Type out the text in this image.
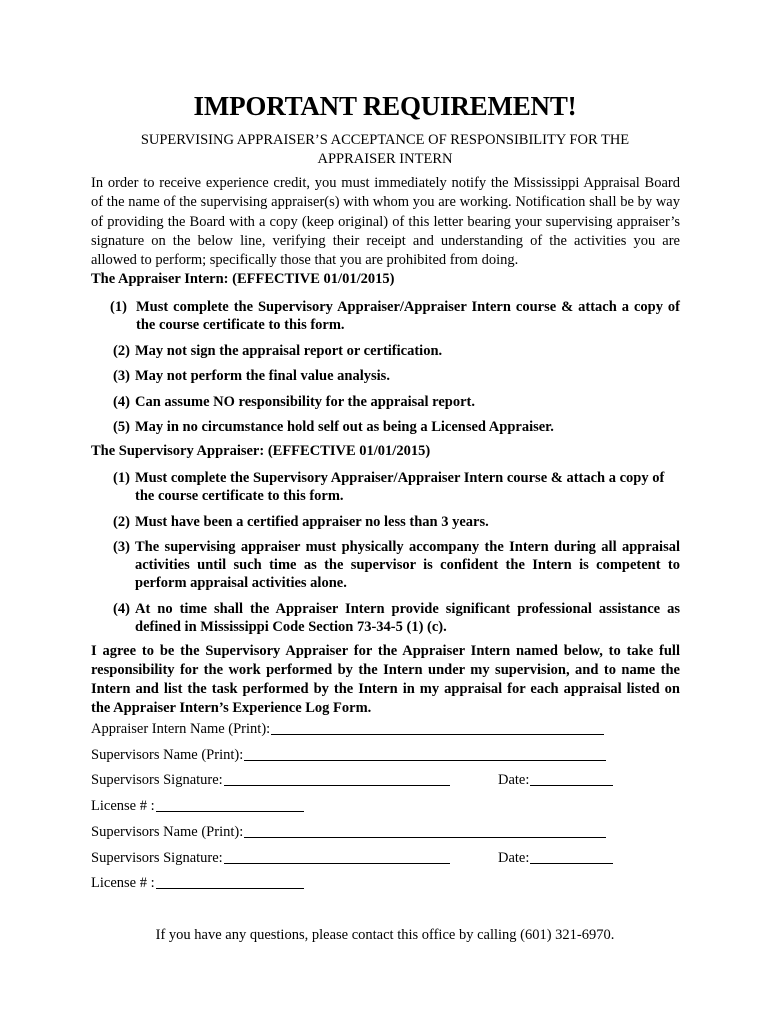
IMPORTANT REQUIREMENT!
SUPERVISING APPRAISER’S ACCEPTANCE OF RESPONSIBILITY FOR THE
APPRAISER INTERN
In order to receive experience credit, you must immediately notify the Mississippi Appraisal Board of the name of the supervising appraiser(s) with whom you are working. Notification shall be by way of providing the Board with a copy (keep original) of this letter bearing your supervising appraiser’s signature on the below line, verifying their receipt and understanding of the activities you are allowed to perform; specifically those that you are prohibited from doing.
The Appraiser Intern: (EFFECTIVE 01/01/2015)
(1) Must complete the Supervisory Appraiser/Appraiser Intern course & attach a copy of the course certificate to this form.
(2) May not sign the appraisal report or certification.
(3) May not perform the final value analysis.
(4) Can assume NO responsibility for the appraisal report.
(5) May in no circumstance hold self out as being a Licensed Appraiser.
The Supervisory Appraiser: (EFFECTIVE 01/01/2015)
(1) Must complete the Supervisory Appraiser/Appraiser Intern course & attach a copy of the course certificate to this form.
(2) Must have been a certified appraiser no less than 3 years.
(3) The supervising appraiser must physically accompany the Intern during all appraisal activities until such time as the supervisor is confident the Intern is competent to perform appraisal activities alone.
(4) At no time shall the Appraiser Intern provide significant professional assistance as defined in Mississippi Code Section 73-34-5 (1) (c).
I agree to be the Supervisory Appraiser for the Appraiser Intern named below, to take full responsibility for the work performed by the Intern under my supervision, and to name the Intern and list the task performed by the Intern in my appraisal for each appraisal listed on the Appraiser Intern’s Experience Log Form.
Appraiser Intern Name (Print):
Supervisors Name (Print):
Supervisors Signature:	Date:
License # :
Supervisors Name (Print):
Supervisors Signature:	Date:
License # :
If you have any questions, please contact this office by calling (601) 321-6970.
